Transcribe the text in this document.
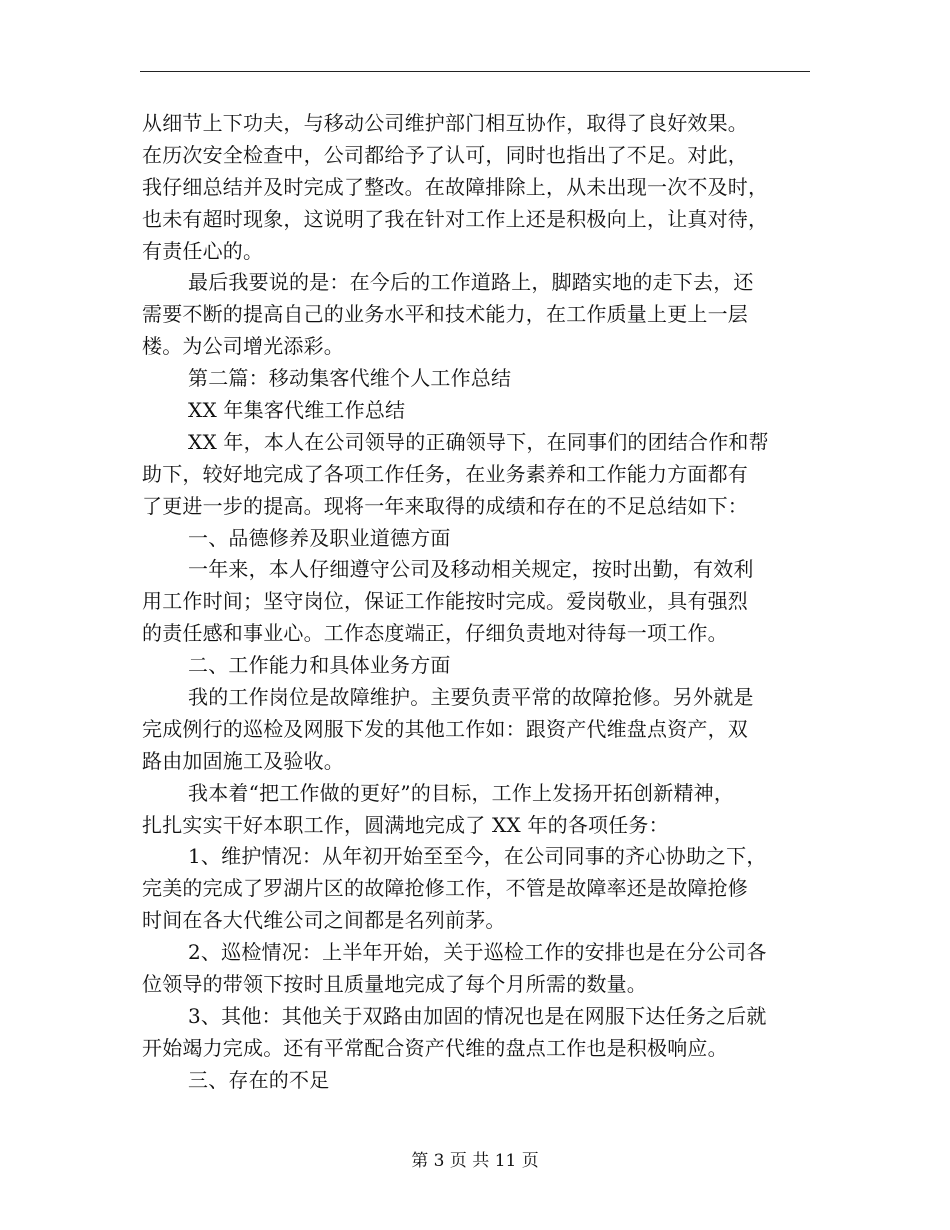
从细节上下功夫，与移动公司维护部门相互协作，取得了良好效果。
在历次安全检查中，公司都给予了认可，同时也指出了不足。对此，
我仔细总结并及时完成了整改。在故障排除上，从未出现一次不及时，
也未有超时现象，这说明了我在针对工作上还是积极向上，让真对待，
有责任心的。
最后我要说的是：在今后的工作道路上，脚踏实地的走下去，还
需要不断的提高自己的业务水平和技术能力，在工作质量上更上一层
楼。为公司增光添彩。
第二篇：移动集客代维个人工作总结
XX 年集客代维工作总结
XX 年，本人在公司领导的正确领导下，在同事们的团结合作和帮
助下，较好地完成了各项工作任务，在业务素养和工作能力方面都有
了更进一步的提高。现将一年来取得的成绩和存在的不足总结如下：
一、品德修养及职业道德方面
一年来，本人仔细遵守公司及移动相关规定，按时出勤，有效利
用工作时间；坚守岗位，保证工作能按时完成。爱岗敬业，具有强烈
的责任感和事业心。工作态度端正，仔细负责地对待每一项工作。
二、工作能力和具体业务方面
我的工作岗位是故障维护。主要负责平常的故障抢修。另外就是
完成例行的巡检及网服下发的其他工作如：跟资产代维盘点资产，双
路由加固施工及验收。
我本着“把工作做的更好”的目标，工作上发扬开拓创新精神，
扎扎实实干好本职工作，圆满地完成了 XX 年的各项任务：
1、维护情况：从年初开始至至今，在公司同事的齐心协助之下，
完美的完成了罗湖片区的故障抢修工作，不管是故障率还是故障抢修
时间在各大代维公司之间都是名列前茅。
2、巡检情况：上半年开始，关于巡检工作的安排也是在分公司各
位领导的带领下按时且质量地完成了每个月所需的数量。
3、其他：其他关于双路由加固的情况也是在网服下达任务之后就
开始竭力完成。还有平常配合资产代维的盘点工作也是积极响应。
三、存在的不足
第 3 页 共 11 页
